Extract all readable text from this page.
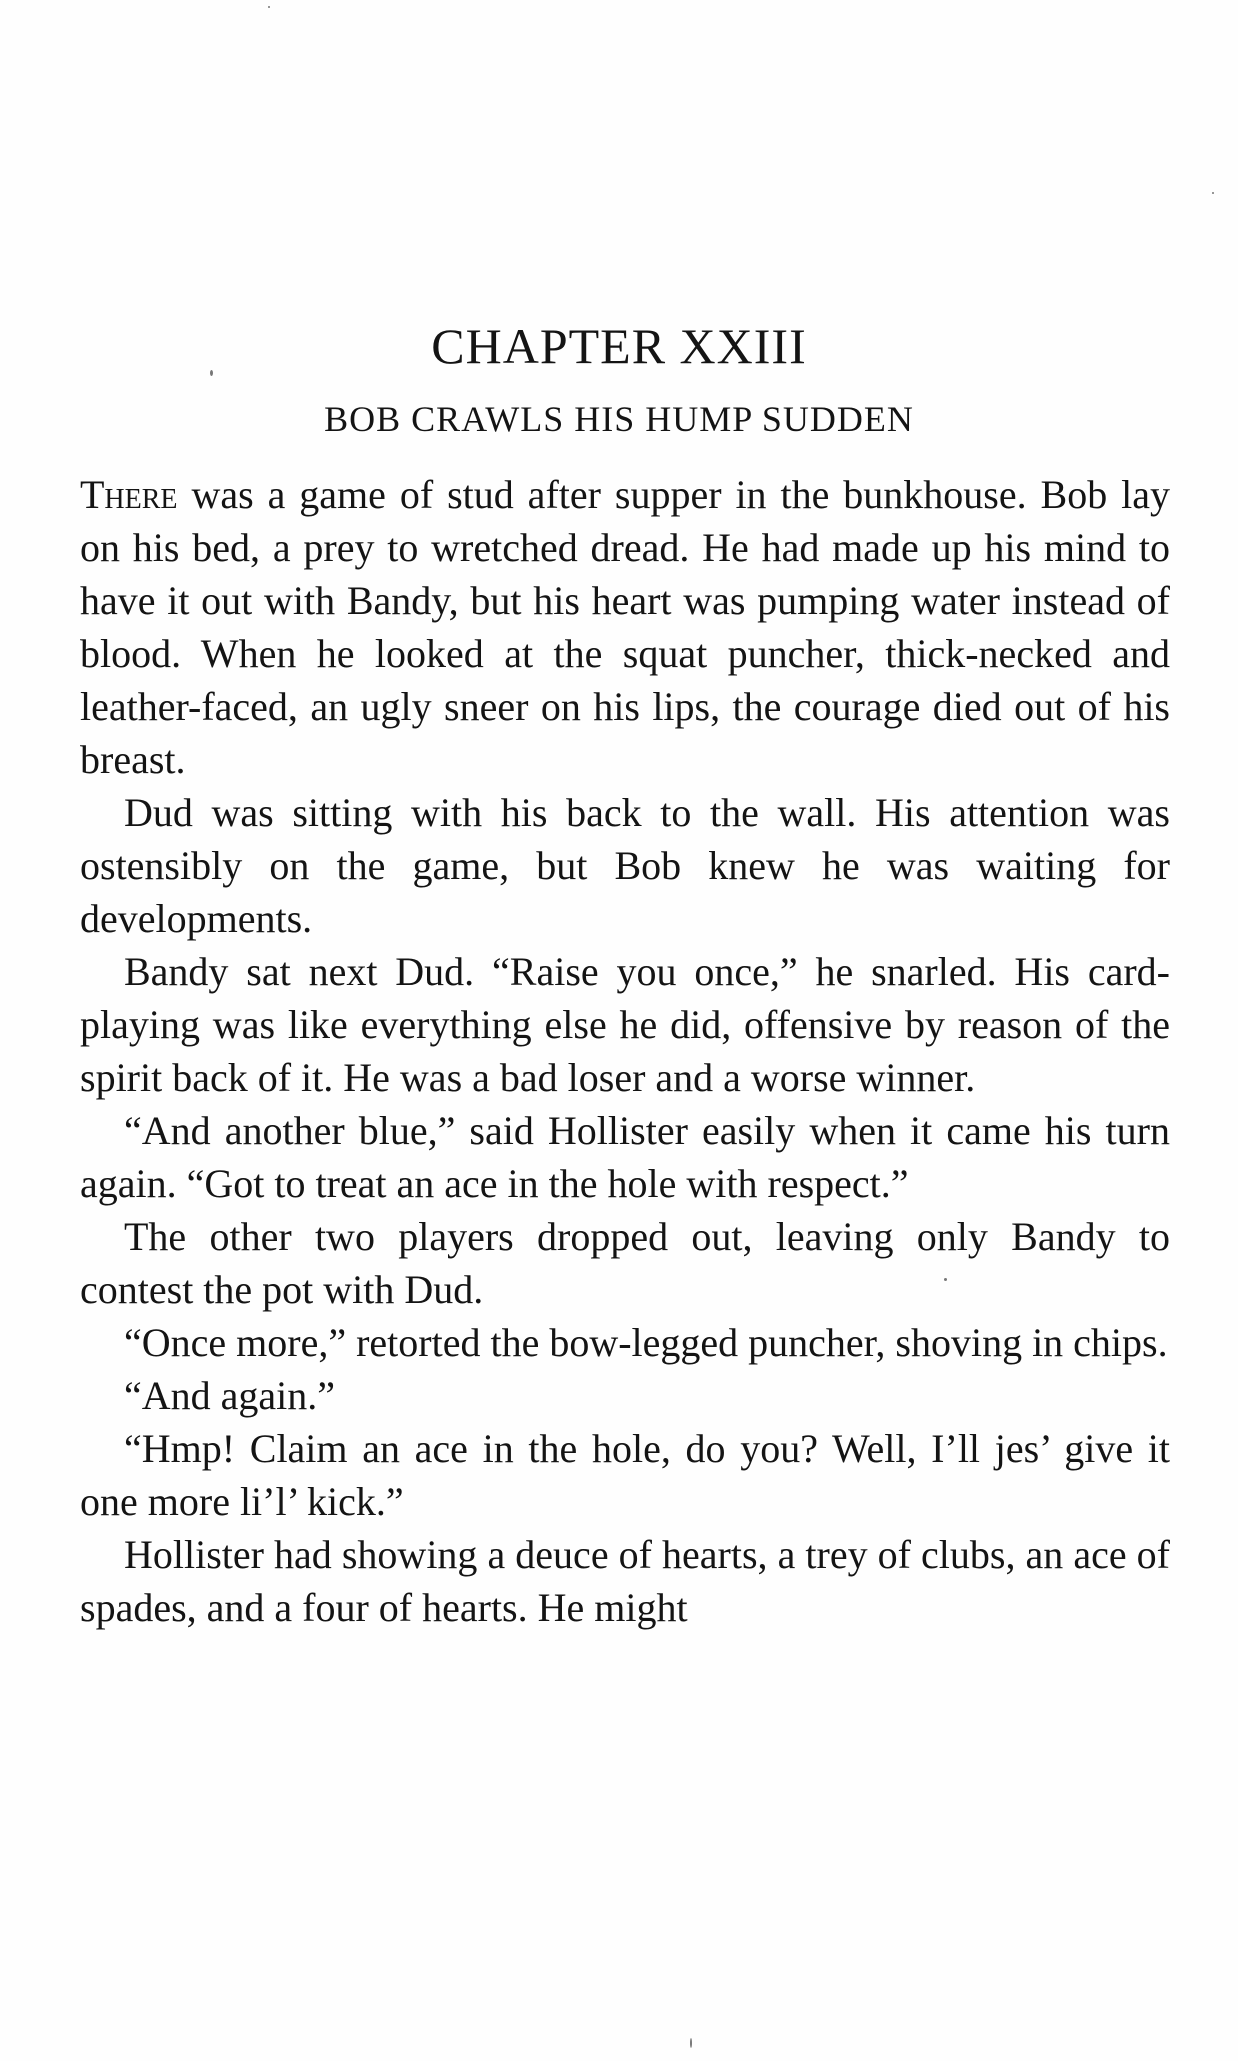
CHAPTER XXIII
BOB CRAWLS HIS HUMP SUDDEN

There was a game of stud after supper in the bunkhouse. Bob lay on his bed, a prey to wretched dread. He had made up his mind to have it out with Bandy, but his heart was pumping water instead of blood. When he looked at the squat puncher, thick-necked and leather-faced, an ugly sneer on his lips, the courage died out of his breast.

Dud was sitting with his back to the wall. His attention was ostensibly on the game, but Bob knew he was waiting for developments.

Bandy sat next Dud. “Raise you once,” he snarled. His card-playing was like everything else he did, offensive by reason of the spirit back of it. He was a bad loser and a worse winner.

“And another blue,” said Hollister easily when it came his turn again. “Got to treat an ace in the hole with respect.”

The other two players dropped out, leaving only Bandy to contest the pot with Dud.

“Once more,” retorted the bow-legged puncher, shoving in chips.

“And again.”

“Hmp! Claim an ace in the hole, do you? Well, I’ll jes’ give it one more li’l’ kick.”

Hollister had showing a deuce of hearts, a trey of clubs, an ace of spades, and a four of hearts. He might
